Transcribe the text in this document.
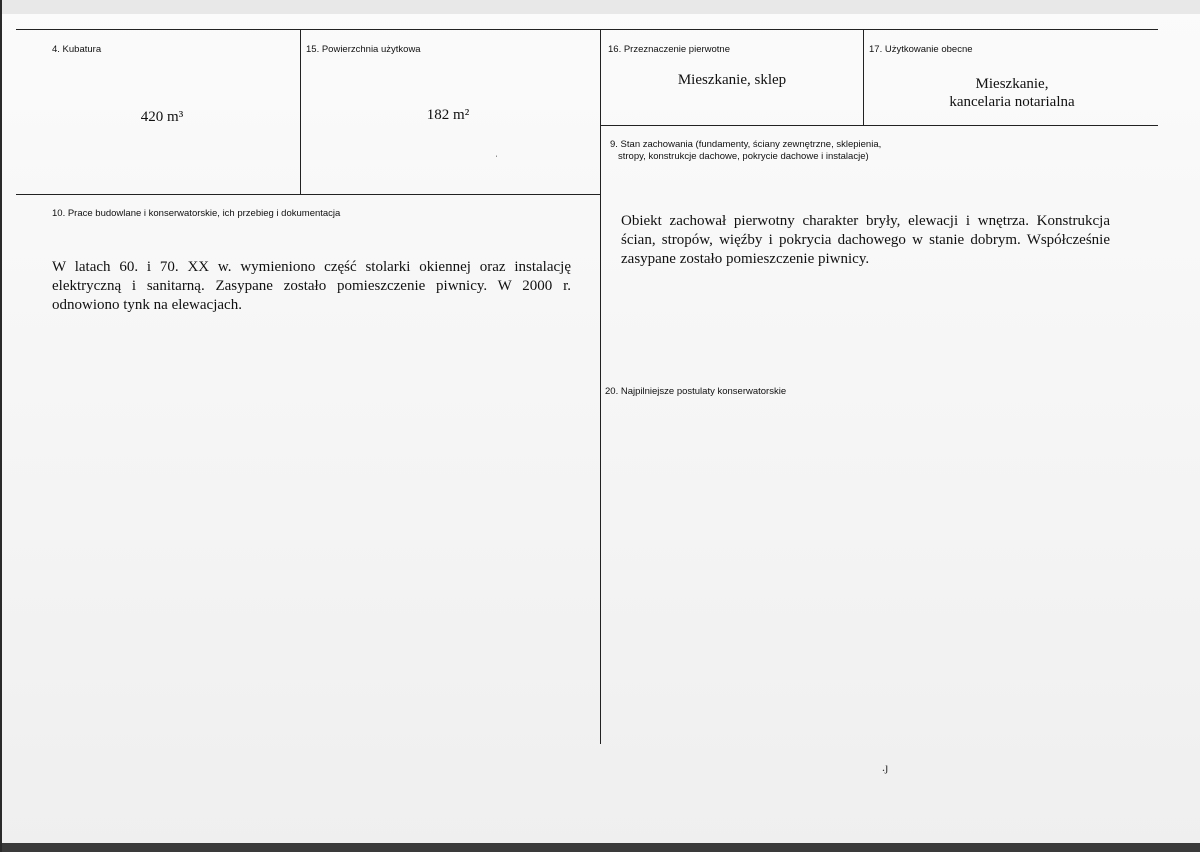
4. Kubatura
420 m³
15. Powierzchnia użytkowa
182 m²
16. Przeznaczenie pierwotne
Mieszkanie, sklep
17. Użytkowanie obecne
Mieszkanie,
kancelaria notarialna
9. Stan zachowania (fundamenty, ściany zewnętrzne, sklepienia,
stropy, konstrukcje dachowe, pokrycie dachowe i instalacje)
Obiekt zachował pierwotny charakter bryły, elewacji i wnętrza. Konstrukcja ścian, stropów, więźby i pokrycia dachowego w stanie dobrym. Współcześnie zasypane zostało pomieszczenie piwnicy.
10. Prace budowlane i konserwatorskie, ich przebieg i dokumentacja
W latach 60. i 70. XX w. wymieniono część stolarki okiennej oraz instalację elektryczną i sanitarną. Zasypane zostało pomieszczenie piwnicy. W 2000 r. odnowiono tynk na elewacjach.
20. Najpilniejsze postulaty konserwatorskie
ˌ
.ȷ
